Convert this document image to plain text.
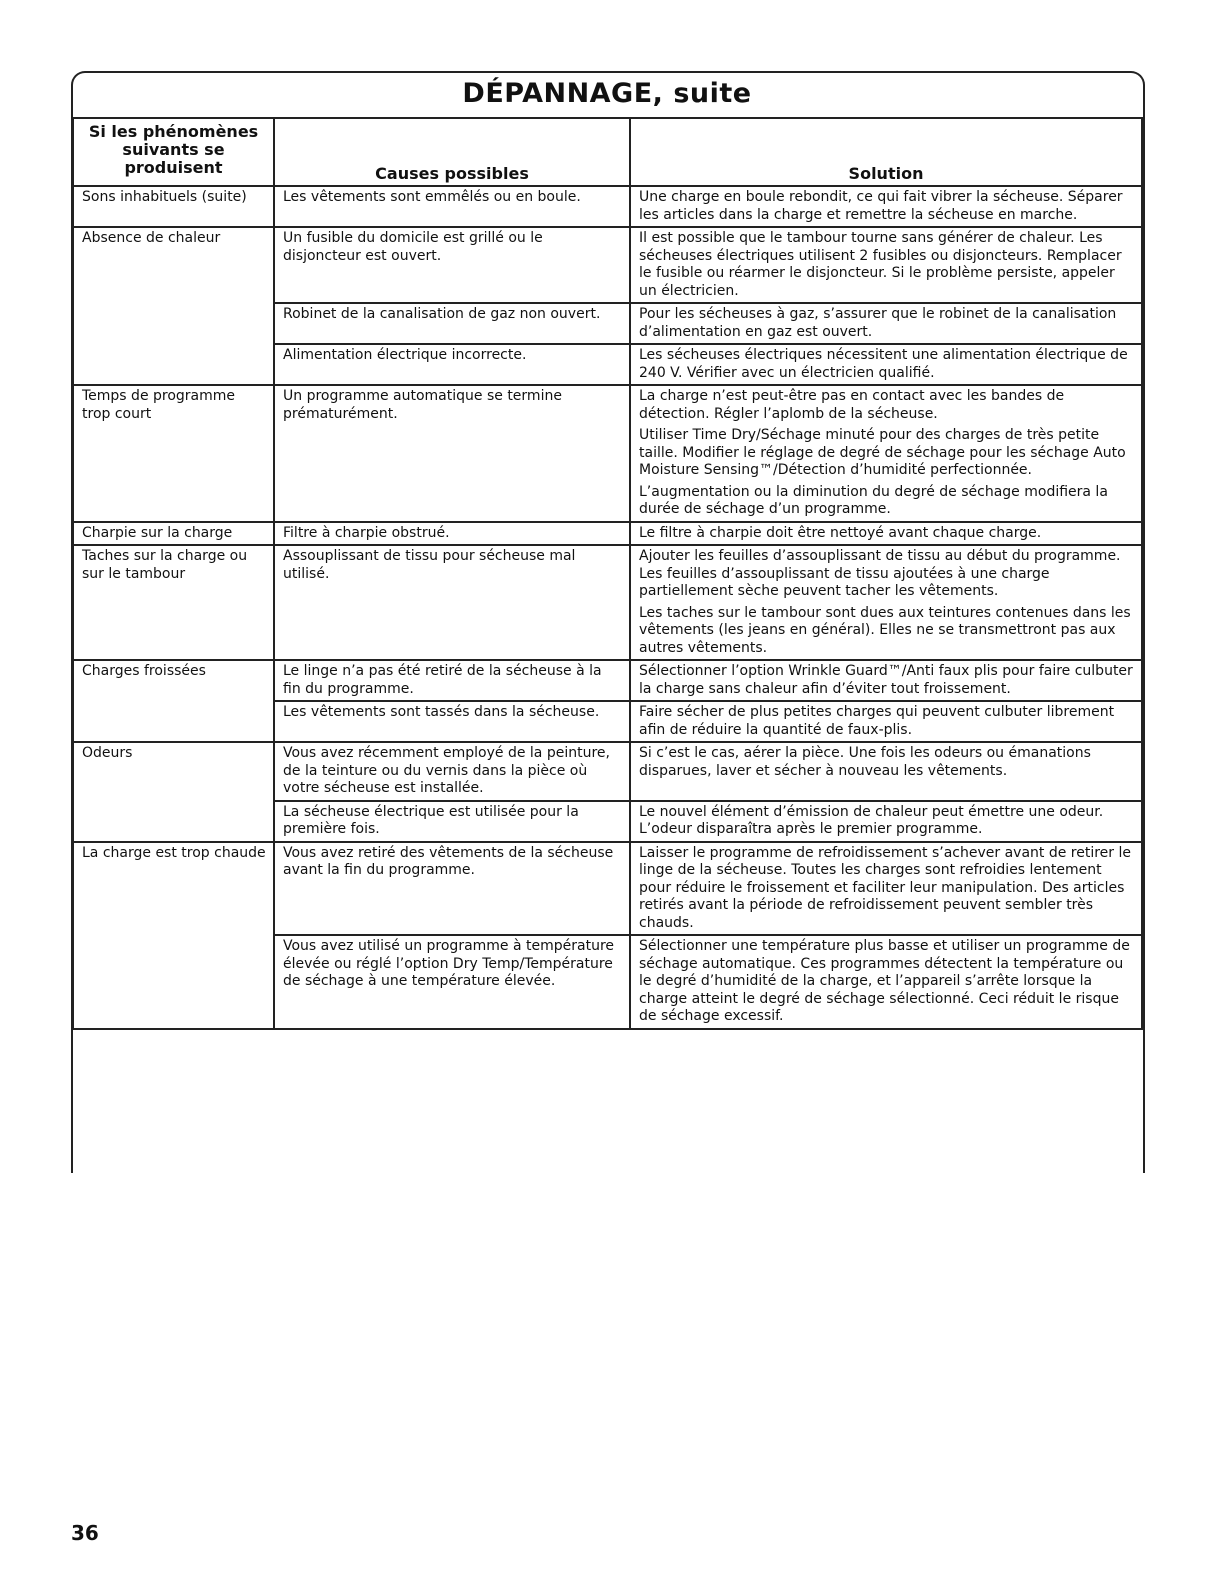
DÉPANNAGE, suite
Si les phénomènes suivants se produisent	Causes possibles	Solution
Sons inhabituels (suite)	Les vêtements sont emmêlés ou en boule.	Une charge en boule rebondit, ce qui fait vibrer la sécheuse. Séparer les articles dans la charge et remettre la sécheuse en marche.

Absence de chaleur	Un fusible du domicile est grillé ou le disjoncteur est ouvert.	Il est possible que le tambour tourne sans générer de chaleur. Les sécheuses électriques utilisent 2 fusibles ou disjoncteurs. Remplacer le fusible ou réarmer le disjoncteur. Si le problème persiste, appeler un électricien.

	Robinet de la canalisation de gaz non ouvert.	Pour les sécheuses à gaz, s’assurer que le robinet de la canalisation d’alimentation en gaz est ouvert.

	Alimentation électrique incorrecte.	Les sécheuses électriques nécessitent une alimentation électrique de 240 V. Vérifier avec un électricien qualifié.

Temps de programme trop court	Un programme automatique se termine prématurément.	La charge n’est peut-être pas en contact avec les bandes de détection. Régler l’aplomb de la sécheuse.
Utiliser Time Dry/Séchage minuté pour des charges de très petite taille. Modifier le réglage de degré de séchage pour les séchage Auto Moisture Sensing™/Détection d’humidité perfectionnée.
L’augmentation ou la diminution du degré de séchage modifiera la durée de séchage d’un programme.

Charpie sur la charge	Filtre à charpie obstrué.	Le filtre à charpie doit être nettoyé avant chaque charge.

Taches sur la charge ou sur le tambour	Assouplissant de tissu pour sécheuse mal utilisé.	Ajouter les feuilles d’assouplissant de tissu au début du programme. Les feuilles d’assouplissant de tissu ajoutées à une charge partiellement sèche peuvent tacher les vêtements.
Les taches sur le tambour sont dues aux teintures contenues dans les vêtements (les jeans en général). Elles ne se transmettront pas aux autres vêtements.

Charges froissées	Le linge n’a pas été retiré de la sécheuse à la fin du programme.	Sélectionner l’option Wrinkle Guard™/Anti faux plis pour faire culbuter la charge sans chaleur afin d’éviter tout froissement.

	Les vêtements sont tassés dans la sécheuse.	Faire sécher de plus petites charges qui peuvent culbuter librement afin de réduire la quantité de faux-plis.

Odeurs	Vous avez récemment employé de la peinture, de la teinture ou du vernis dans la pièce où votre sécheuse est installée.	Si c’est le cas, aérer la pièce. Une fois les odeurs ou émanations disparues, laver et sécher à nouveau les vêtements.

	La sécheuse électrique est utilisée pour la première fois.	Le nouvel élément d’émission de chaleur peut émettre une odeur. L’odeur disparaîtra après le premier programme.

La charge est trop chaude	Vous avez retiré des vêtements de la sécheuse avant la fin du programme.	Laisser le programme de refroidissement s’achever avant de retirer le linge de la sécheuse. Toutes les charges sont refroidies lentement pour réduire le froissement et faciliter leur manipulation. Des articles retirés avant la période de refroidissement peuvent sembler très chauds.

	Vous avez utilisé un programme à température élevée ou réglé l’option Dry Temp/Température de séchage à une température élevée.	Sélectionner une température plus basse et utiliser un programme de séchage automatique. Ces programmes détectent la température ou le degré d’humidité de la charge, et l’appareil s’arrête lorsque la charge atteint le degré de séchage sélectionné. Ceci réduit le risque de séchage excessif.
36
